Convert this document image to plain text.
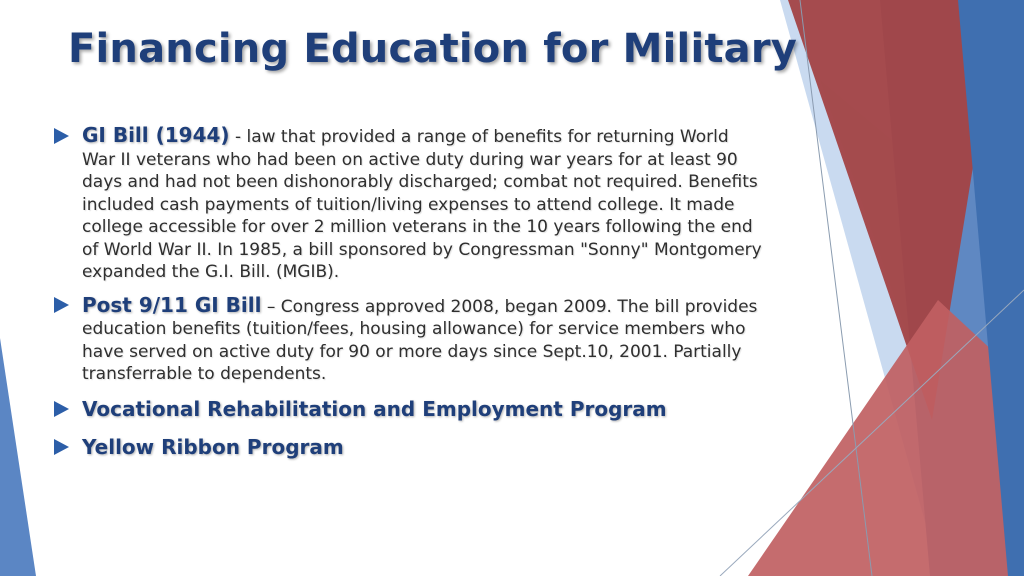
Financing Education for Military
GI Bill (1944) - law that provided a range of benefits for returning World War II veterans who had been on active duty during war years for at least 90 days and had not been dishonorably discharged; combat not required. Benefits included cash payments of tuition/living expenses to attend college. It made college accessible for over 2 million veterans in the 10 years following the end of World War II. In 1985, a bill sponsored by Congressman "Sonny" Montgomery expanded the G.I. Bill. (MGIB).
Post 9/11 GI Bill – Congress approved 2008, began 2009. The bill provides education benefits (tuition/fees, housing allowance) for service members who have served on active duty for 90 or more days since Sept.10, 2001. Partially transferrable to dependents.
Vocational Rehabilitation and Employment Program
Yellow Ribbon Program
